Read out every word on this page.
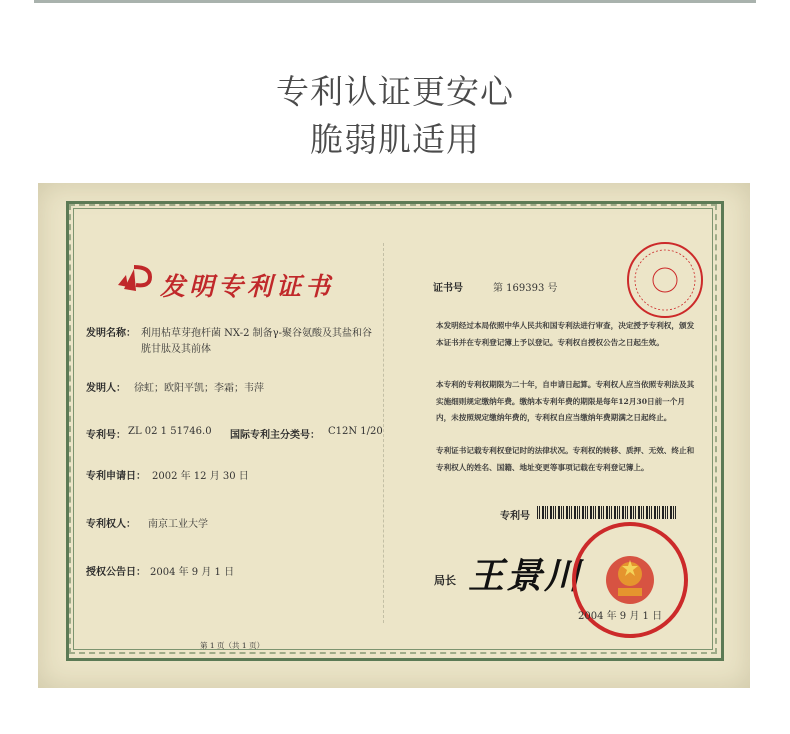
专利认证更安心
脆弱肌适用
发明专利证书	证书号	第 169393 号
发明名称： 利用枯草芽孢杆菌 NX-2 制备γ-聚谷氨酸及其盐和谷
胱甘肽及其前体
发明人： 徐虹；欧阳平凯；李霜；韦萍
专利号： ZL 02 1 51746.0 国际专利主分类号： C12N 1/20
专利申请日： 2002 年 12 月 30 日
专利权人： 南京工业大学
授权公告日： 2004 年 9 月 1 日
第 1 页（共 1 页）
本发明经过本局依照中华人民共和国专利法进行审查，决定授予专利权，颁发本证书并在专利登记簿上予以登记。专利权自授权公告之日起生效。
本专利的专利权期限为二十年，自申请日起算。专利权人应当依照专利法及其实施细则规定缴纳年费。缴纳本专利年费的期限是每年12月30日前一个月内，未按照规定缴纳年费的，专利权自应当缴纳年费期满之日起终止。
专利证书记载专利权登记时的法律状况。专利权的转移、质押、无效、终止和专利权人的姓名、国籍、地址变更等事项记载在专利登记簿上。
专利号
局长 王景川
2004 年 9 月 1 日
